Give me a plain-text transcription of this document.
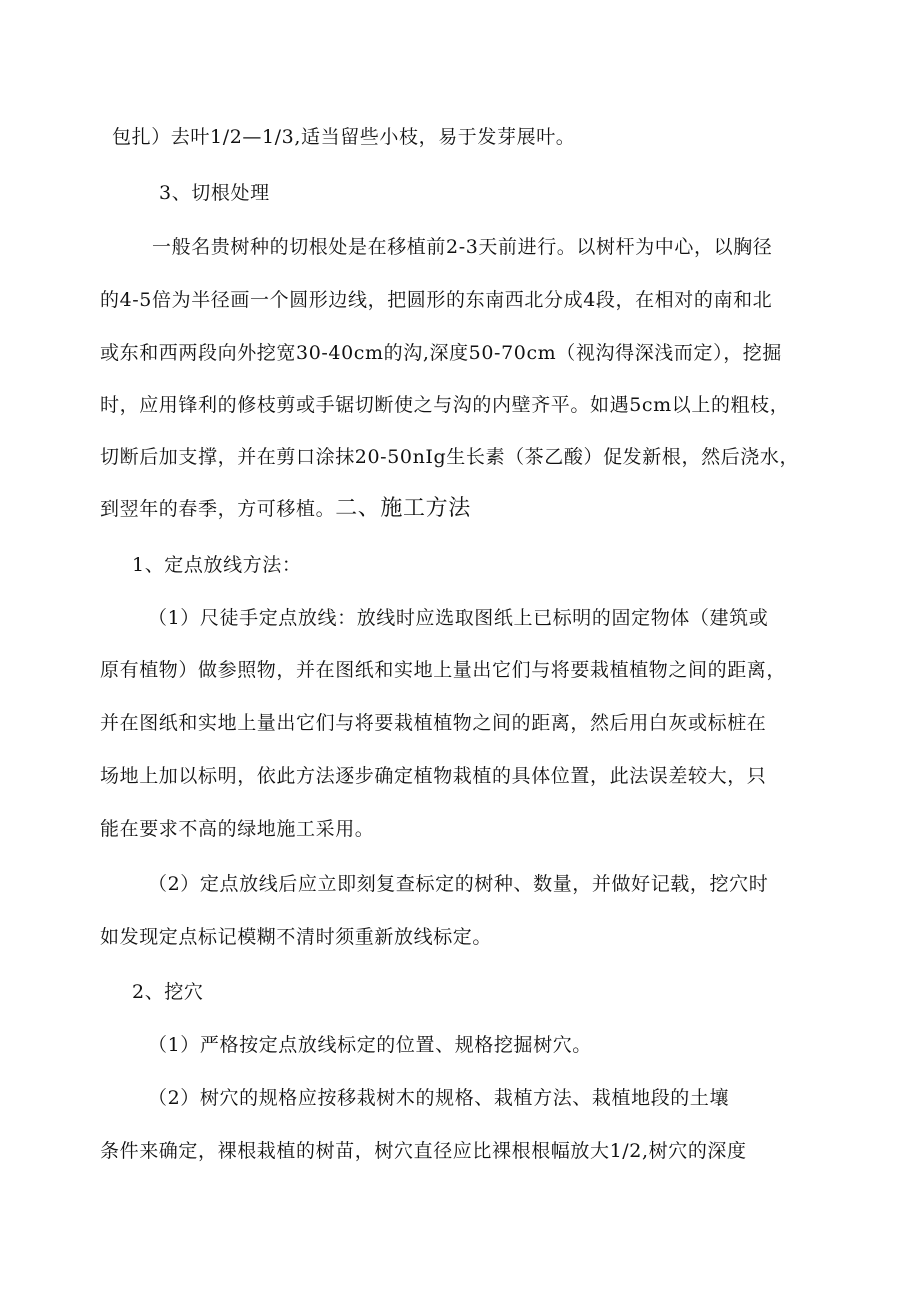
包扎）去叶1/2—1/3,适当留些小枝，易于发芽展叶。
3、切根处理
一般名贵树种的切根处是在移植前2-3天前进行。以树杆为中心，以胸径
的4-5倍为半径画一个圆形边线，把圆形的东南西北分成4段，在相对的南和北
或东和西两段向外挖宽30-40cm的沟,深度50-70cm（视沟得深浅而定），挖掘
时，应用锋利的修枝剪或手锯切断使之与沟的内壁齐平。如遇5cm以上的粗枝，
切断后加支撑，并在剪口涂抹20-50nIg生长素（茶乙酸）促发新根，然后浇水，
到翌年的春季，方可移植。二、施工方法
1、定点放线方法：
（1）尺徒手定点放线：放线时应选取图纸上已标明的固定物体（建筑或
原有植物）做参照物，并在图纸和实地上量出它们与将要栽植植物之间的距离，
并在图纸和实地上量出它们与将要栽植植物之间的距离，然后用白灰或标桩在
场地上加以标明，依此方法逐步确定植物栽植的具体位置，此法误差较大，只
能在要求不高的绿地施工采用。
（2）定点放线后应立即刻复查标定的树种、数量，并做好记载，挖穴时
如发现定点标记模糊不清时须重新放线标定。
2、挖穴
（1）严格按定点放线标定的位置、规格挖掘树穴。
（2）树穴的规格应按移栽树木的规格、栽植方法、栽植地段的土壤
条件来确定，裸根栽植的树苗，树穴直径应比裸根根幅放大1/2,树穴的深度
